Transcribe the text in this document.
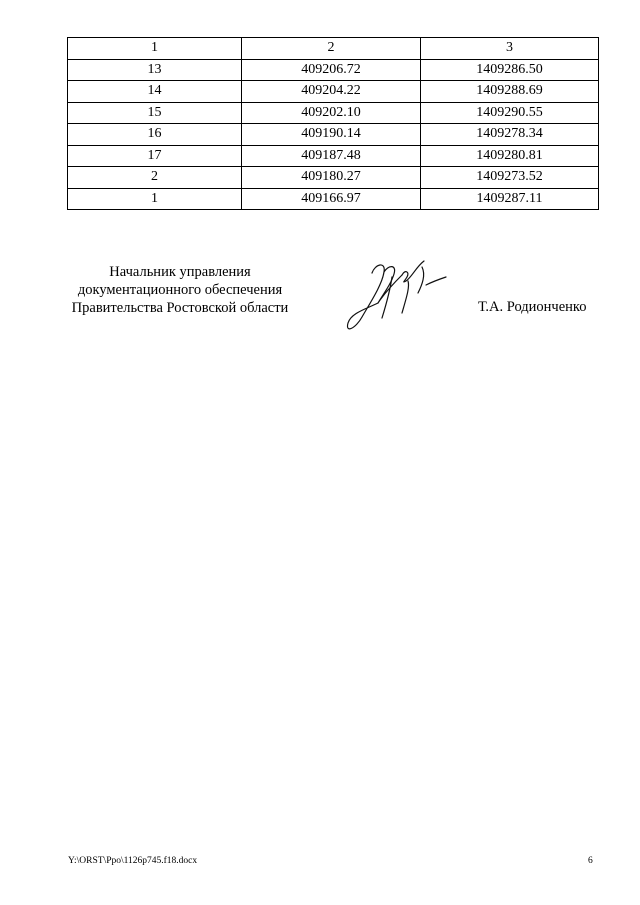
1	2	3
13	409206.72	1409286.50
14	409204.22	1409288.69
15	409202.10	1409290.55
16	409190.14	1409278.34
17	409187.48	1409280.81
2	409180.27	1409273.52
1	409166.97	1409287.11
Начальник управления
документационного обеспечения
Правительства Ростовской области	Т.А. Родионченко
Y:\ORST\Ppo\1126p745.f18.docx	6
